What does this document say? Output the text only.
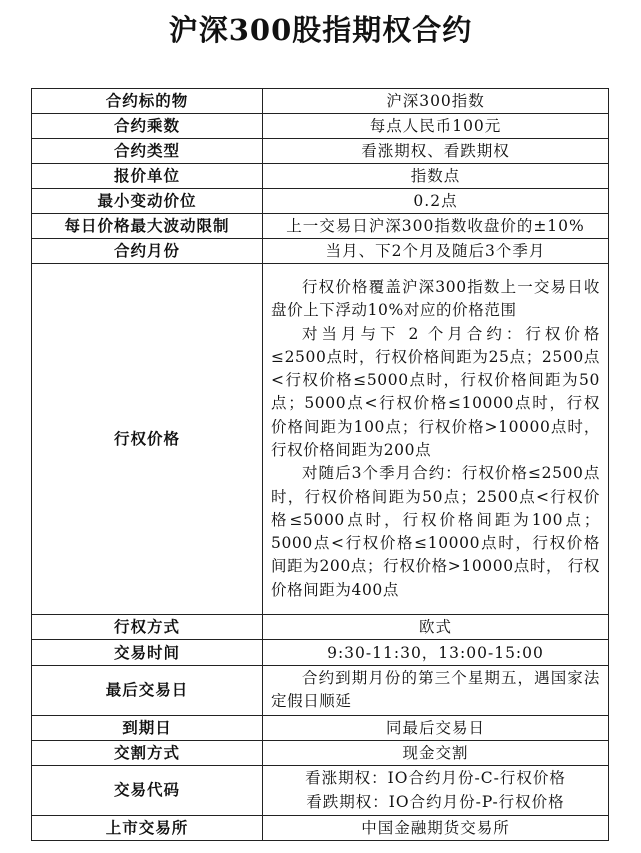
沪深300股指期权合约
合约标的物	沪深300指数
合约乘数	每点人民币100元
合约类型	看涨期权、看跌期权
报价单位	指数点
最小变动价位	0.2点
每日价格最大波动限制	上一交易日沪深300指数收盘价的±10%
合约月份	当月、下2个月及随后3个季月
行权价格	行权价格覆盖沪深300指数上一交易日收盘价上下浮动10%对应的价格范围

对当月与下 2 个月合约：行权价格≤2500点时，行权价格间距为25点；2500点<行权价格≤5000点时，行权价格间距为50点；5000点<行权价格≤10000点时，行权价格间距为100点；行权价格>10000点时，行权价格间距为200点

对随后3个季月合约：行权价格≤2500点时，行权价格间距为50点；2500点<行权价格≤5000点时，行权价格间距为100点；5000点<行权价格≤10000点时，行权价格间距为200点；行权价格>10000点时， 行权价格间距为400点

行权方式	欧式
交易时间	9:30-11:30，13:00-15:00
最后交易日	合约到期月份的第三个星期五，遇国家法定假日顺延

到期日	同最后交易日
交割方式	现金交割
交易代码	看涨期权：IO合约月份-C-行权价格
看跌期权：IO合约月份-P-行权价格

上市交易所	中国金融期货交易所
